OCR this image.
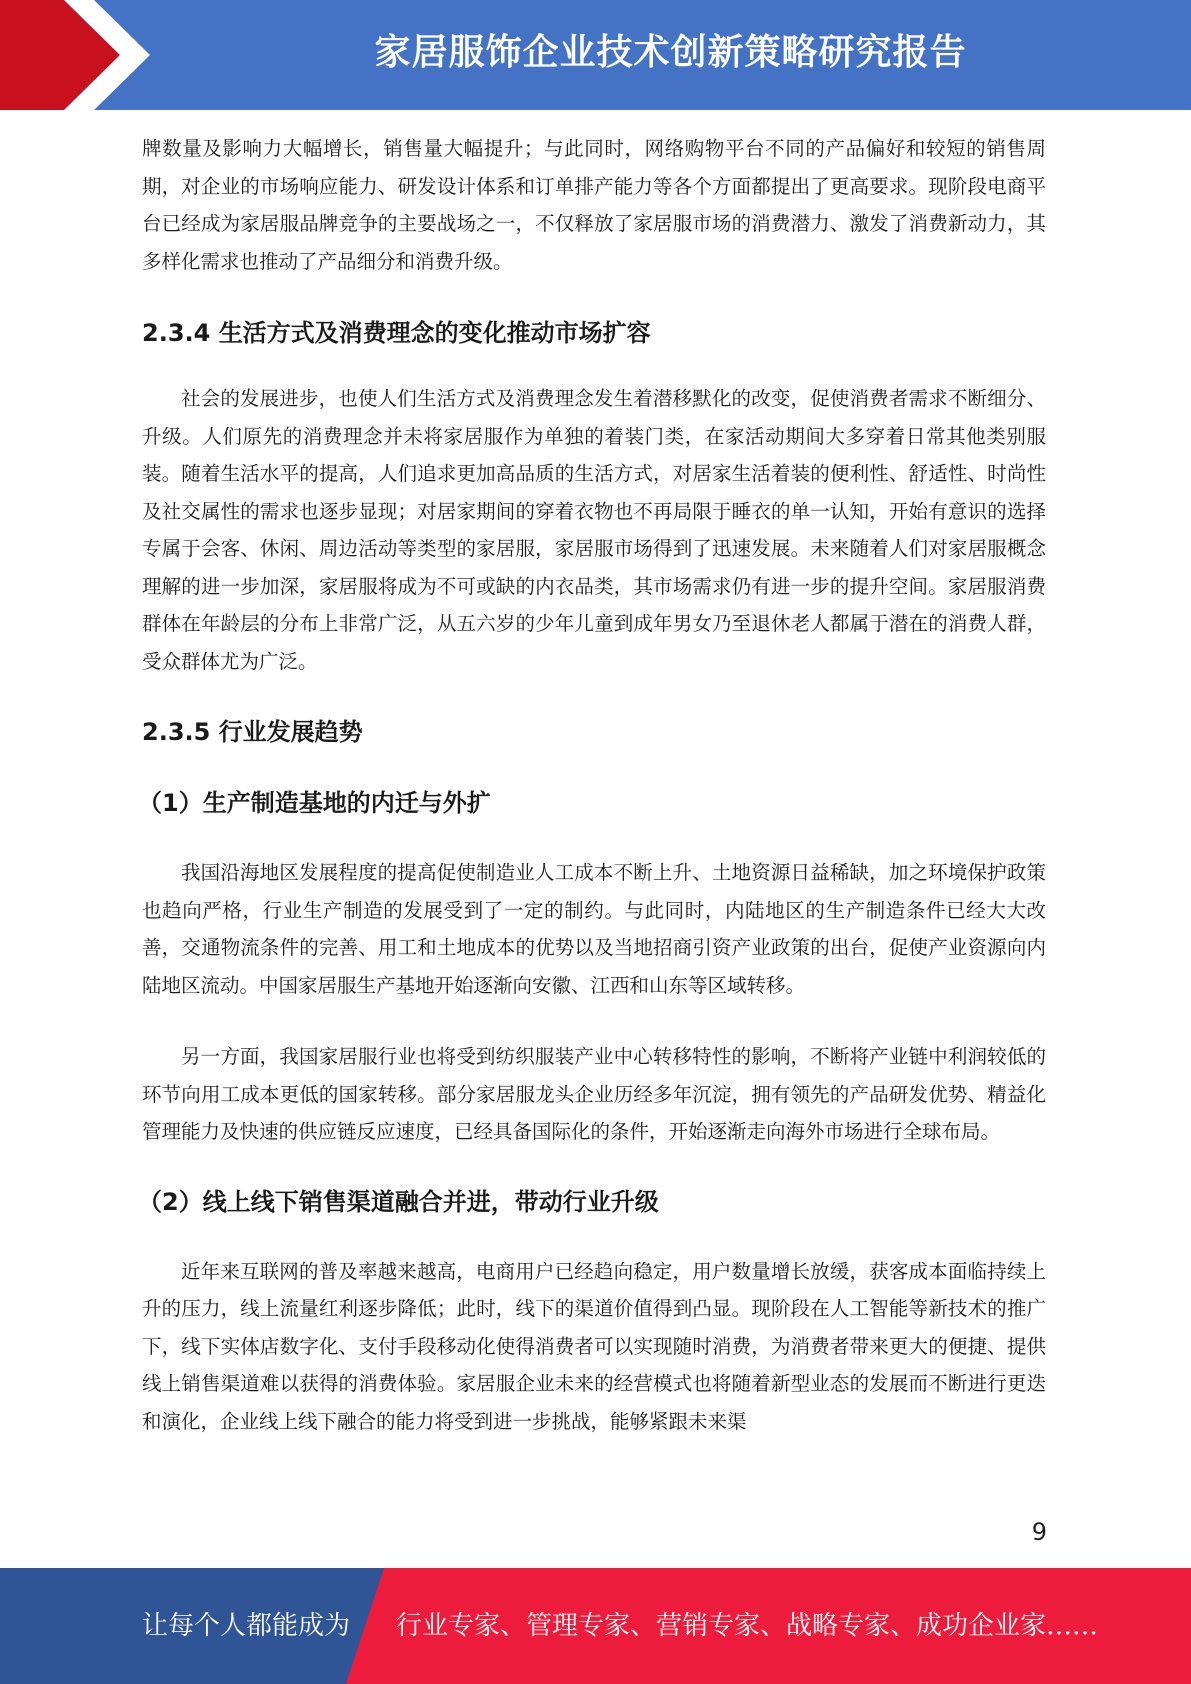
家居服饰企业技术创新策略研究报告

牌数量及影响力大幅增长，销售量大幅提升；与此同时，网络购物平台不同的产品偏好和较短的销售周期，对企业的市场响应能力、研发设计体系和订单排产能力等各个方面都提出了更高要求。现阶段电商平台已经成为家居服品牌竞争的主要战场之一，不仅释放了家居服市场的消费潜力、激发了消费新动力，其多样化需求也推动了产品细分和消费升级。

2.3.4 生活方式及消费理念的变化推动市场扩容

社会的发展进步，也使人们生活方式及消费理念发生着潜移默化的改变，促使消费者需求不断细分、升级。人们原先的消费理念并未将家居服作为单独的着装门类，在家活动期间大多穿着日常其他类别服装。随着生活水平的提高，人们追求更加高品质的生活方式，对居家生活着装的便利性、舒适性、时尚性及社交属性的需求也逐步显现；对居家期间的穿着衣物也不再局限于睡衣的单一认知，开始有意识的选择专属于会客、休闲、周边活动等类型的家居服，家居服市场得到了迅速发展。未来随着人们对家居服概念理解的进一步加深，家居服将成为不可或缺的内衣品类，其市场需求仍有进一步的提升空间。家居服消费群体在年龄层的分布上非常广泛，从五六岁的少年儿童到成年男女乃至退休老人都属于潜在的消费人群，受众群体尤为广泛。

2.3.5 行业发展趋势
（1）生产制造基地的内迁与外扩

我国沿海地区发展程度的提高促使制造业人工成本不断上升、土地资源日益稀缺，加之环境保护政策也趋向严格，行业生产制造的发展受到了一定的制约。与此同时，内陆地区的生产制造条件已经大大改善，交通物流条件的完善、用工和土地成本的优势以及当地招商引资产业政策的出台，促使产业资源向内陆地区流动。中国家居服生产基地开始逐渐向安徽、江西和山东等区域转移。

另一方面，我国家居服行业也将受到纺织服装产业中心转移特性的影响，不断将产业链中利润较低的环节向用工成本更低的国家转移。部分家居服龙头企业历经多年沉淀，拥有领先的产品研发优势、精益化管理能力及快速的供应链反应速度，已经具备国际化的条件，开始逐渐走向海外市场进行全球布局。

（2）线上线下销售渠道融合并进，带动行业升级

近年来互联网的普及率越来越高，电商用户已经趋向稳定，用户数量增长放缓，获客成本面临持续上升的压力，线上流量红利逐步降低；此时，线下的渠道价值得到凸显。现阶段在人工智能等新技术的推广下，线下实体店数字化、支付手段移动化使得消费者可以实现随时消费，为消费者带来更大的便捷、提供线上销售渠道难以获得的消费体验。家居服企业未来的经营模式也将随着新型业态的发展而不断进行更迭和演化，企业线上线下融合的能力将受到进一步挑战，能够紧跟未来渠

9
让每个人都能成为 行业专家、管理专家、营销专家、战略专家、成功企业家……
